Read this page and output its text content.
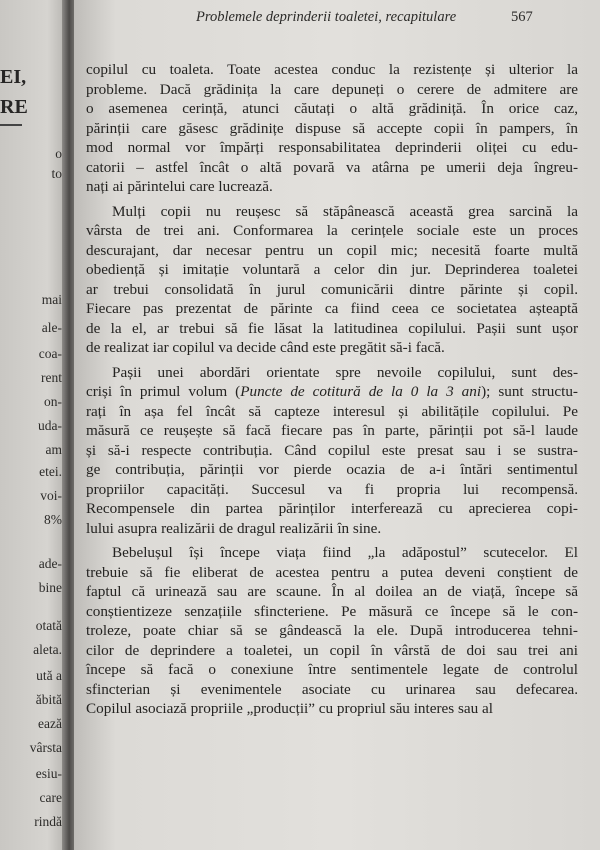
EI,
RE
o
to
mai
ale-
coa-
rent
on-
uda-
am
etei.
voi-
8%
ade-
bine
otată
aleta.
ută a
ăbită
ează
vârsta
esiu-
care
rindă
Problemele deprinderii toaletei, recapitulare	567
copilul cu toaleta. Toate acestea conduc la rezistențe și ulterior la
probleme. Dacă grădinița la care depuneți o cerere de admitere are
o asemenea cerință, atunci căutați o altă grădiniță. În orice caz,
părinții care găsesc grădinițe dispuse să accepte copii în pampers, în
mod normal vor împărți responsabilitatea deprinderii oliței cu edu-
catorii – astfel încât o altă povară va atârna pe umerii deja îngreu-
nați ai părintelui care lucrează.
Mulți copii nu reușesc să stăpânească această grea sarcină la
vârsta de trei ani. Conformarea la cerințele sociale este un proces
descurajant, dar necesar pentru un copil mic; necesită foarte multă
obediență și imitație voluntară a celor din jur. Deprinderea toaletei
ar trebui consolidată în jurul comunicării dintre părinte și copil.
Fiecare pas prezentat de părinte ca fiind ceea ce societatea așteaptă
de la el, ar trebui să fie lăsat la latitudinea copilului. Pașii sunt ușor
de realizat iar copilul va decide când este pregătit să-i facă.
Pașii unei abordări orientate spre nevoile copilului, sunt des-
criși în primul volum (Puncte de cotitură de la 0 la 3 ani); sunt structu-
rați în așa fel încât să capteze interesul și abilitățile copilului. Pe
măsură ce reușește să facă fiecare pas în parte, părinții pot să-l laude
și să-i respecte contribuția. Când copilul este presat sau i se sustra-
ge contribuția, părinții vor pierde ocazia de a-i întări sentimentul
propriilor capacități. Succesul va fi propria lui recompensă.
Recompensele din partea părinților interferează cu aprecierea copi-
lului asupra realizării de dragul realizării în sine.
Bebelușul își începe viața fiind „la adăpostul” scutecelor. El
trebuie să fie eliberat de acestea pentru a putea deveni conștient de
faptul că urinează sau are scaune. În al doilea an de viață, începe să
conștientizeze senzațiile sfincteriene. Pe măsură ce începe să le con-
troleze, poate chiar să se gândească la ele. După introducerea tehni-
cilor de deprindere a toaletei, un copil în vârstă de doi sau trei ani
începe să facă o conexiune între sentimentele legate de controlul
sfincterian și evenimentele asociate cu urinarea sau defecarea.
Copilul asociază propriile „producții” cu propriul său interes sau al
